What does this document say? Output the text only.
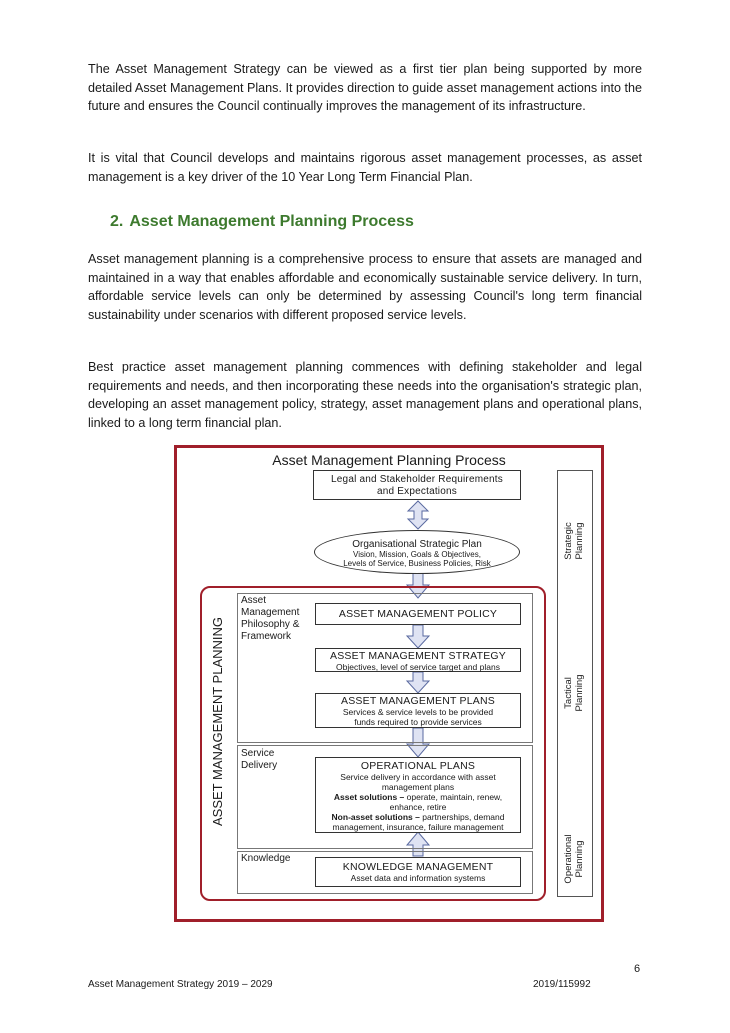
The Asset Management Strategy can be viewed as a first tier plan being supported by more detailed Asset Management Plans. It provides direction to guide asset management actions into the future and ensures the Council continually improves the management of its infrastructure.

It is vital that Council develops and maintains rigorous asset management processes, as asset management is a key driver of the 10 Year Long Term Financial Plan.

2. Asset Management Planning Process

Asset management planning is a comprehensive process to ensure that assets are managed and maintained in a way that enables affordable and economically sustainable service delivery. In turn, affordable service levels can only be determined by assessing Council's long term financial sustainability under scenarios with different proposed service levels.

Best practice asset management planning commences with defining stakeholder and legal requirements and needs, and then incorporating these needs into the organisation's strategic plan, developing an asset management policy, strategy, asset management plans and operational plans, linked to a long term financial plan.

Asset Management Planning Process
Legal and Stakeholder Requirements
and Expectations
Organisational Strategic Plan
Vision, Mission, Goals & Objectives,
Levels of Service, Business Policies, Risk
Strategic Planning
Tactical Planning
Operational Planning
ASSET MANAGEMENT PLANNING
Asset Management Philosophy & Framework
ASSET MANAGEMENT POLICY
ASSET MANAGEMENT STRATEGY
Objectives, level of service target and plans
ASSET MANAGEMENT PLANS
Services & service levels to be provided
funds required to provide services
Service Delivery	OPERATIONAL PLANS
Service delivery in accordance with asset
management plans
Asset solutions – operate, maintain, renew,
enhance, retire
Non-asset solutions – partnerships, demand
management, insurance, failure management
Knowledge
KNOWLEDGE MANAGEMENT
Asset data and information systems
6
Asset Management Strategy 2019 – 2029	2019/115992
